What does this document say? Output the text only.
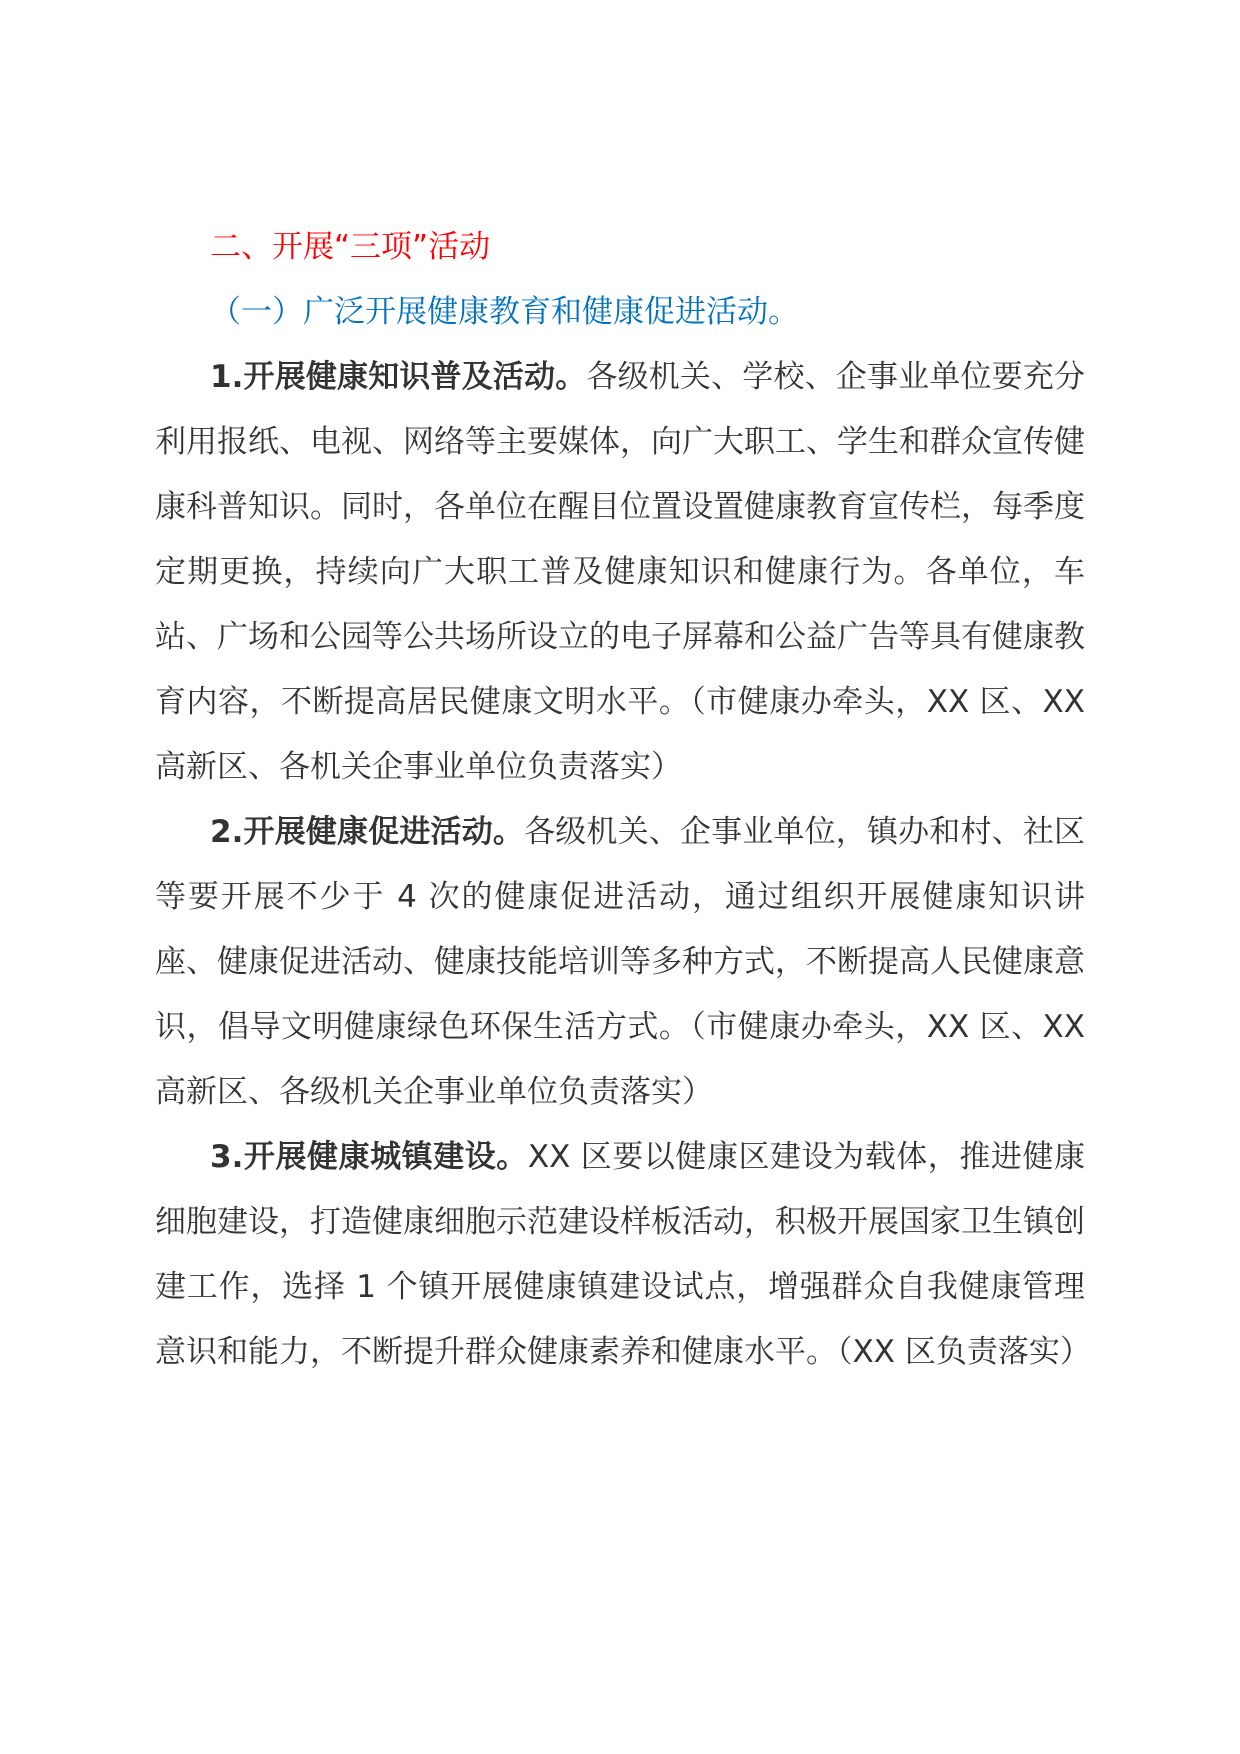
二、开展“三项”活动

（一）广泛开展健康教育和健康促进活动。

1.开展健康知识普及活动。各级机关、学校、企事业单位要充分利用报纸、电视、网络等主要媒体，向广大职工、学生和群众宣传健康科普知识。同时，各单位在醒目位置设置健康教育宣传栏，每季度定期更换，持续向广大职工普及健康知识和健康行为。各单位，车站、广场和公园等公共场所设立的电子屏幕和公益广告等具有健康教育内容，不断提高居民健康文明水平。（市健康办牵头，XX 区、XX 高新区、各机关企事业单位负责落实）

2.开展健康促进活动。各级机关、企事业单位，镇办和村、社区等要开展不少于 4 次的健康促进活动，通过组织开展健康知识讲座、健康促进活动、健康技能培训等多种方式，不断提高人民健康意识，倡导文明健康绿色环保生活方式。（市健康办牵头，XX 区、XX 高新区、各级机关企事业单位负责落实）

3.开展健康城镇建设。XX 区要以健康区建设为载体，推进健康细胞建设，打造健康细胞示范建设样板活动，积极开展国家卫生镇创建工作，选择 1 个镇开展健康镇建设试点，增强群众自我健康管理意识和能力，不断提升群众健康素养和健康水平。（XX 区负责落实）
